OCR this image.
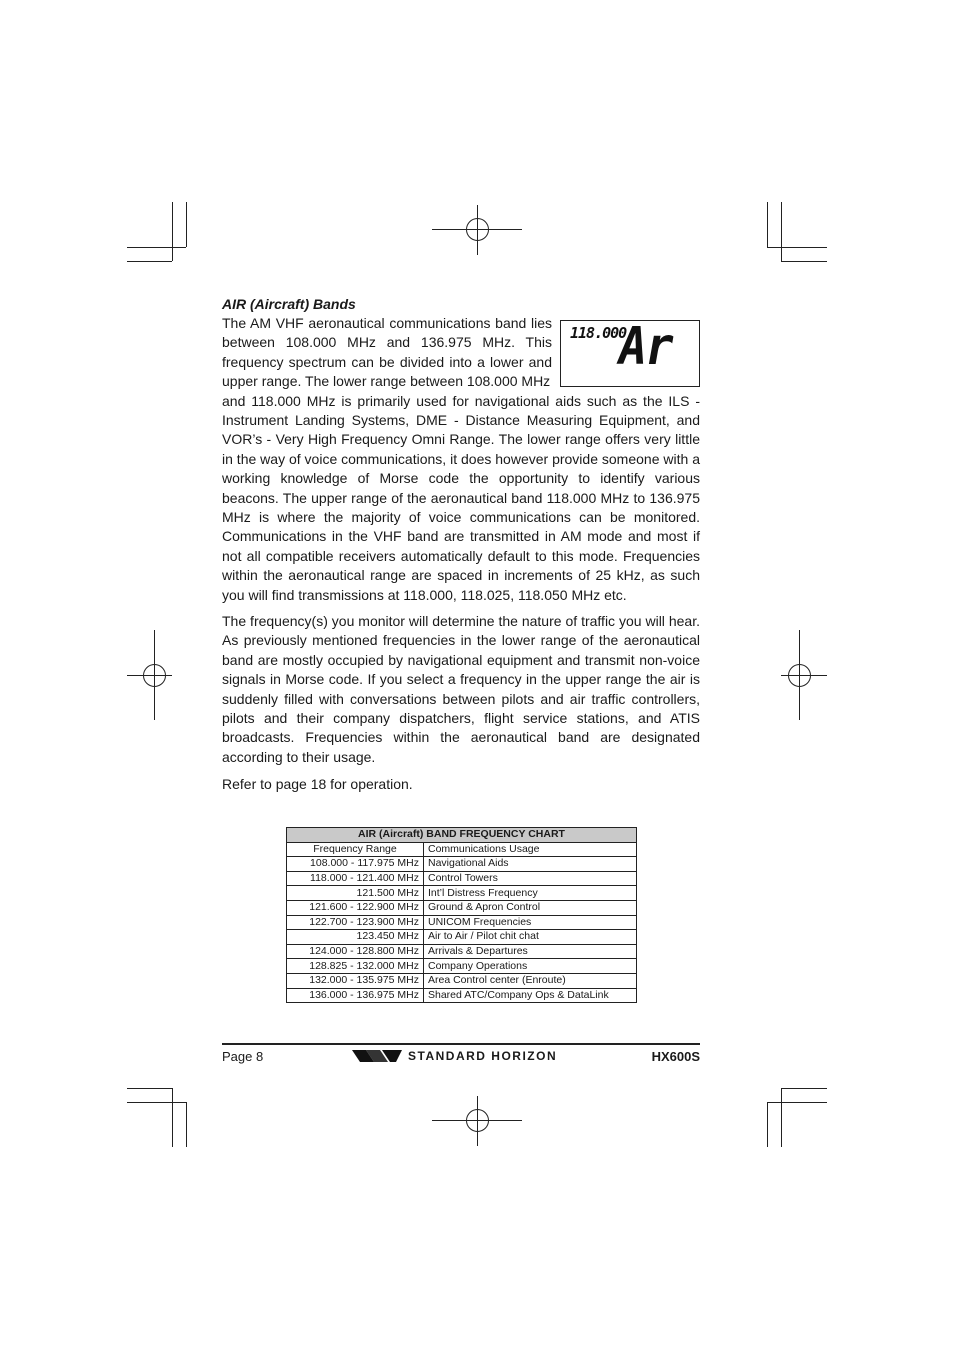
AIR (Aircraft) Bands

The AM VHF aeronautical communications band lies between 108.000 MHz and 136.975 MHz. This frequency spectrum can be divided into a lower and upper range. The lower range between 108.000 MHz

118.000
Ar

and 118.000 MHz is primarily used for navigational aids such as the ILS - Instrument Landing Systems, DME - Distance Measuring Equipment, and VOR’s - Very High Frequency Omni Range. The lower range offers very little in the way of voice communications, it does however provide someone with a working knowledge of Morse code the opportunity to identify various beacons. The upper range of the aeronautical band 118.000 MHz to 136.975 MHz is where the majority of voice communications can be monitored. Communications in the VHF band are transmitted in AM mode and most if not all compatible receivers automatically default to this mode. Frequencies within the aeronautical range are spaced in increments of 25 kHz, as such you will find transmissions at 118.000, 118.025, 118.050 MHz etc.

The frequency(s) you monitor will determine the nature of traffic you will hear. As previously mentioned frequencies in the lower range of the aeronautical band are mostly occupied by navigational equipment and transmit non-voice signals in Morse code. If you select a frequency in the upper range the air is suddenly filled with conversations between pilots and air traffic controllers, pilots and their company dispatchers, flight service stations, and ATIS broadcasts. Frequencies within the aeronautical band are designated according to their usage.

Refer to page 18 for operation.

AIR (Aircraft) BAND FREQUENCY CHART	
Frequency Range	Communications Usage
108.000 - 117.975 MHz	Navigational Aids
118.000 - 121.400 MHz	Control Towers
121.500 MHz	Int’l Distress Frequency
121.600 - 122.900 MHz	Ground & Apron Control
122.700 - 123.900 MHz	UNICOM Frequencies
123.450 MHz	Air to Air / Pilot chit chat
124.000 - 128.800 MHz	Arrivals & Departures
128.825 - 132.000 MHz	Company Operations
132.000 - 135.975 MHz	Area Control center (Enroute)
136.000 - 136.975 MHz	Shared ATC/Company Ops & DataLink
Page 8	STANDARD HORIZON	HX600S
